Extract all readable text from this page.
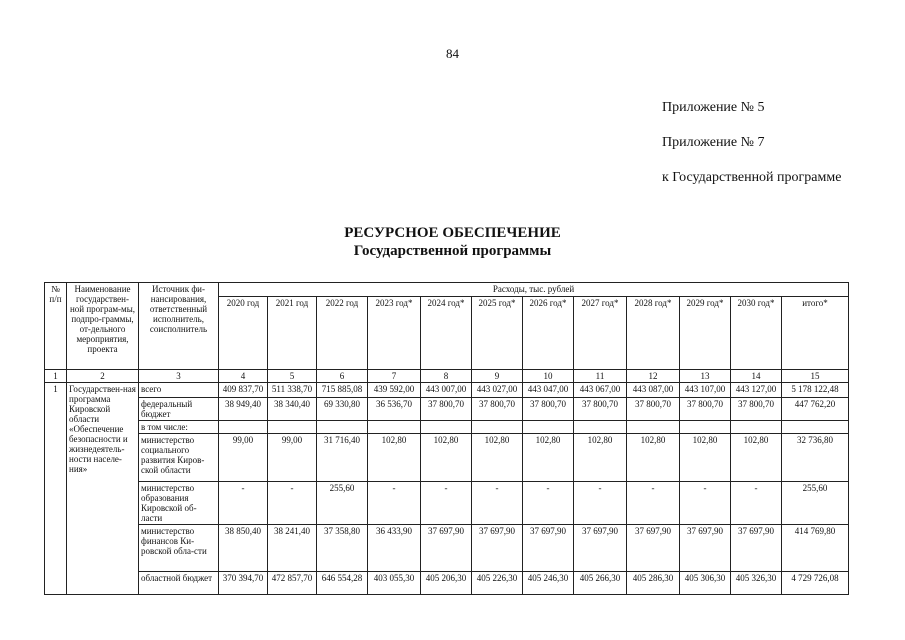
84
Приложение № 5
Приложение № 7
к Государственной программе
РЕСУРСНОЕ ОБЕСПЕЧЕНИЕ
Государственной программы
№ п/п	Наименование государствен-ной програм-мы, подпро-граммы, от-дельного мероприятия, проекта	Источник фи-нансирования, ответственный исполнитель, соисполнитель	Расходы, тыс. рублей											
			2020 год	2021 год	2022 год	2023 год*	2024 год*	2025 год*	2026 год*	2027 год*	2028 год*	2029 год*	2030 год*	итого*
1	2	3	4	5	6	7	8	9	10	11	12	13	14	15
1	Государствен-ная программа Кировской области «Обеспечение безопасности и жизнедеятель-ности населе-ния»	всего	409 837,70	511 338,70	715 885,08	439 592,00	443 007,00	443 027,00	443 047,00	443 067,00	443 087,00	443 107,00	443 127,00	5 178 122,48
		федеральный бюджет	38 949,40	38 340,40	69 330,80	36 536,70	37 800,70	37 800,70	37 800,70	37 800,70	37 800,70	37 800,70	37 800,70	447 762,20
		в том числе:												
		министерство социального развития Киров-ской области	99,00	99,00	31 716,40	102,80	102,80	102,80	102,80	102,80	102,80	102,80	102,80	32 736,80
		министерство образования Кировской об-ласти	-	-	255,60	-	-	-	-	-	-	-	-	255,60
		министерство финансов Ки-ровской обла-сти	38 850,40	38 241,40	37 358,80	36 433,90	37 697,90	37 697,90	37 697,90	37 697,90	37 697,90	37 697,90	37 697,90	414 769,80
		областной бюджет	370 394,70	472 857,70	646 554,28	403 055,30	405 206,30	405 226,30	405 246,30	405 266,30	405 286,30	405 306,30	405 326,30	4 729 726,08
